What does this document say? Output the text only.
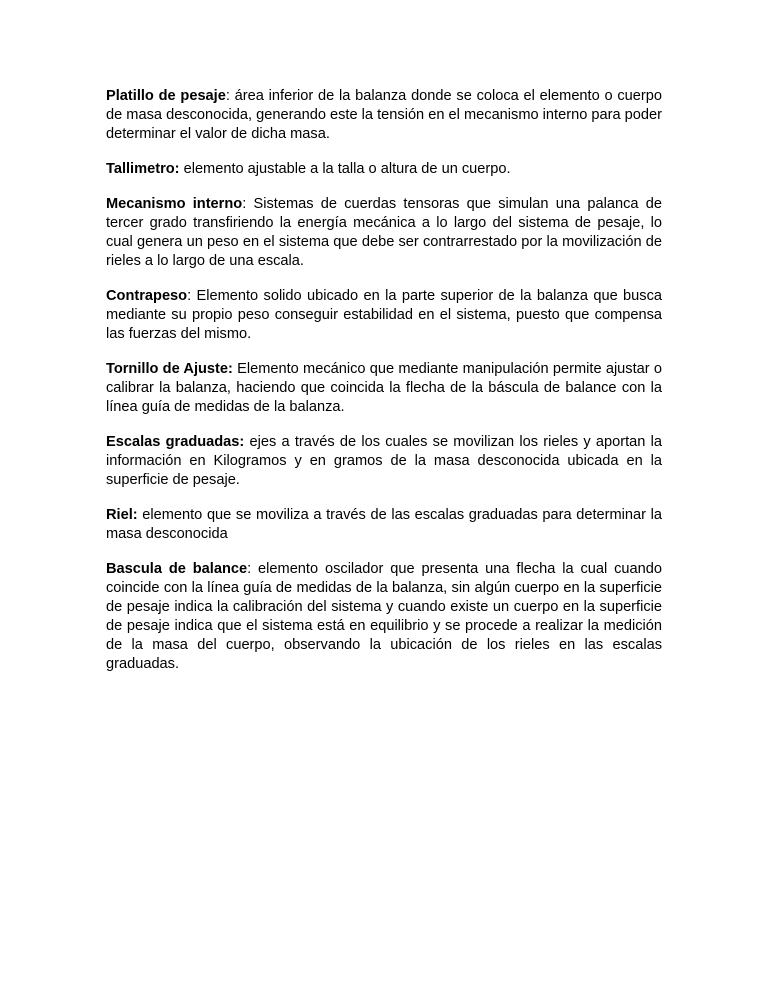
Platillo de pesaje: área inferior de la balanza donde se coloca el elemento o cuerpo de masa desconocida, generando este la tensión en el mecanismo interno para poder determinar el valor de dicha masa.

Tallimetro: elemento ajustable a la talla o altura de un cuerpo.

Mecanismo interno: Sistemas de cuerdas tensoras que simulan una palanca de tercer grado transfiriendo la energía mecánica a lo largo del sistema de pesaje, lo cual genera un peso en el sistema que debe ser contrarrestado por la movilización de rieles a lo largo de una escala.

Contrapeso: Elemento solido ubicado en la parte superior de la balanza que busca mediante su propio peso conseguir estabilidad en el sistema, puesto que compensa las fuerzas del mismo.

Tornillo de Ajuste: Elemento mecánico que mediante manipulación permite ajustar o calibrar la balanza, haciendo que coincida la flecha de la báscula de balance con la línea guía de medidas de la balanza.

Escalas graduadas: ejes a través de los cuales se movilizan los rieles y aportan la información en Kilogramos y en gramos de la masa desconocida ubicada en la superficie de pesaje.

Riel: elemento que se moviliza a través de las escalas graduadas para determinar la masa desconocida

Bascula de balance: elemento oscilador que presenta una flecha la cual cuando coincide con la línea guía de medidas de la balanza, sin algún cuerpo en la superficie de pesaje indica la calibración del sistema y cuando existe un cuerpo en la superficie de pesaje indica que el sistema está en equilibrio y se procede a realizar la medición de la masa del cuerpo, observando la ubicación de los rieles en las escalas graduadas.
